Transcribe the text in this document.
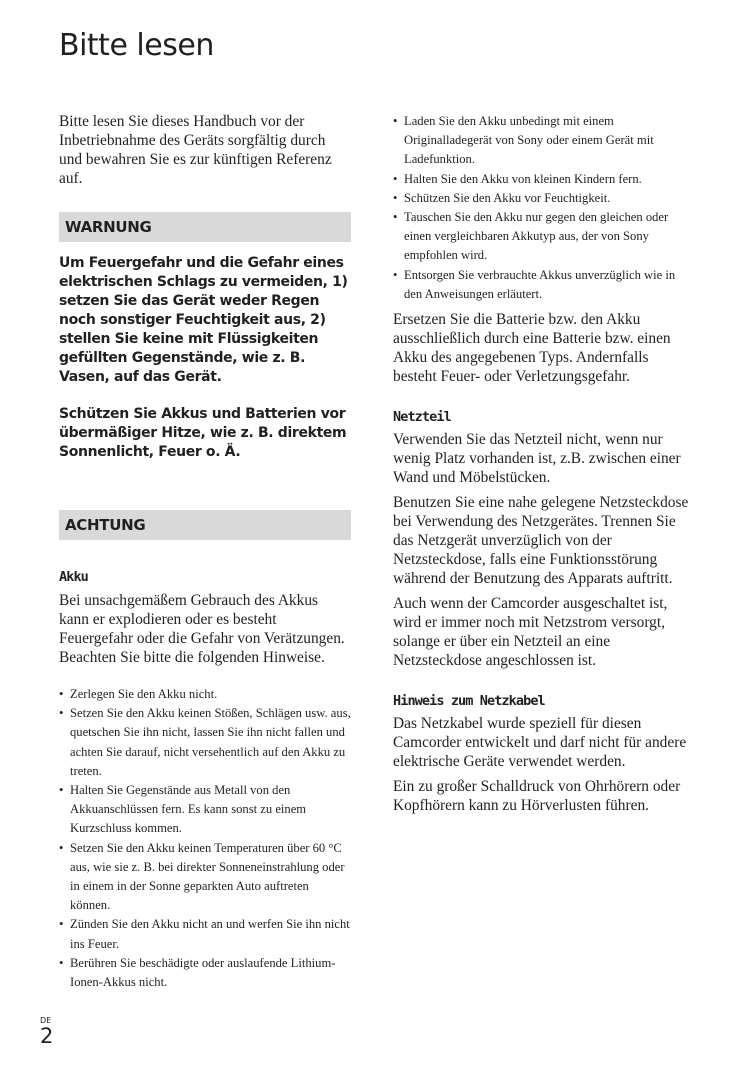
Bitte lesen

Bitte lesen Sie dieses Handbuch vor der Inbetriebnahme des Geräts sorgfältig durch und bewahren Sie es zur künftigen Referenz auf.

WARNUNG

Um Feuergefahr und die Gefahr eines elektrischen Schlags zu vermeiden, 1) setzen Sie das Gerät weder Regen noch sonstiger Feuchtigkeit aus, 2) stellen Sie keine mit Flüssigkeiten gefüllten Gegenstände, wie z. B. Vasen, auf das Gerät.

Schützen Sie Akkus und Batterien vor übermäßiger Hitze, wie z. B. direktem Sonnenlicht, Feuer o. Ä.

ACHTUNG

Akku

Bei unsachgemäßem Gebrauch des Akkus kann er explodieren oder es besteht Feuergefahr oder die Gefahr von Verätzungen. Beachten Sie bitte die folgenden Hinweise.

• Zerlegen Sie den Akku nicht.
• Setzen Sie den Akku keinen Stößen, Schlägen usw. aus, quetschen Sie ihn nicht, lassen Sie ihn nicht fallen und achten Sie darauf, nicht versehentlich auf den Akku zu treten.
• Halten Sie Gegenstände aus Metall von den Akkuanschlüssen fern. Es kann sonst zu einem Kurzschluss kommen.
• Setzen Sie den Akku keinen Temperaturen über 60 °C aus, wie sie z. B. bei direkter Sonneneinstrahlung oder in einem in der Sonne geparkten Auto auftreten können.
• Zünden Sie den Akku nicht an und werfen Sie ihn nicht ins Feuer.
• Berühren Sie beschädigte oder auslaufende Lithium-Ionen-Akkus nicht.
• Laden Sie den Akku unbedingt mit einem Originalladegerät von Sony oder einem Gerät mit Ladefunktion.
• Halten Sie den Akku von kleinen Kindern fern.
• Schützen Sie den Akku vor Feuchtigkeit.
• Tauschen Sie den Akku nur gegen den gleichen oder einen vergleichbaren Akkutyp aus, der von Sony empfohlen wird.
• Entsorgen Sie verbrauchte Akkus unverzüglich wie in den Anweisungen erläutert.

Ersetzen Sie die Batterie bzw. den Akku ausschließlich durch eine Batterie bzw. einen Akku des angegebenen Typs. Andernfalls besteht Feuer- oder Verletzungsgefahr.

Netzteil

Verwenden Sie das Netzteil nicht, wenn nur wenig Platz vorhanden ist, z.B. zwischen einer Wand und Möbelstücken.

Benutzen Sie eine nahe gelegene Netzsteckdose bei Verwendung des Netzgerätes. Trennen Sie das Netzgerät unverzüglich von der Netzsteckdose, falls eine Funktionsstörung während der Benutzung des Apparats auftritt.

Auch wenn der Camcorder ausgeschaltet ist, wird er immer noch mit Netzstrom versorgt, solange er über ein Netzteil an eine Netzsteckdose angeschlossen ist.

Hinweis zum Netzkabel

Das Netzkabel wurde speziell für diesen Camcorder entwickelt und darf nicht für andere elektrische Geräte verwendet werden.

Ein zu großer Schalldruck von Ohrhörern oder Kopfhörern kann zu Hörverlusten führen.

DE
2
